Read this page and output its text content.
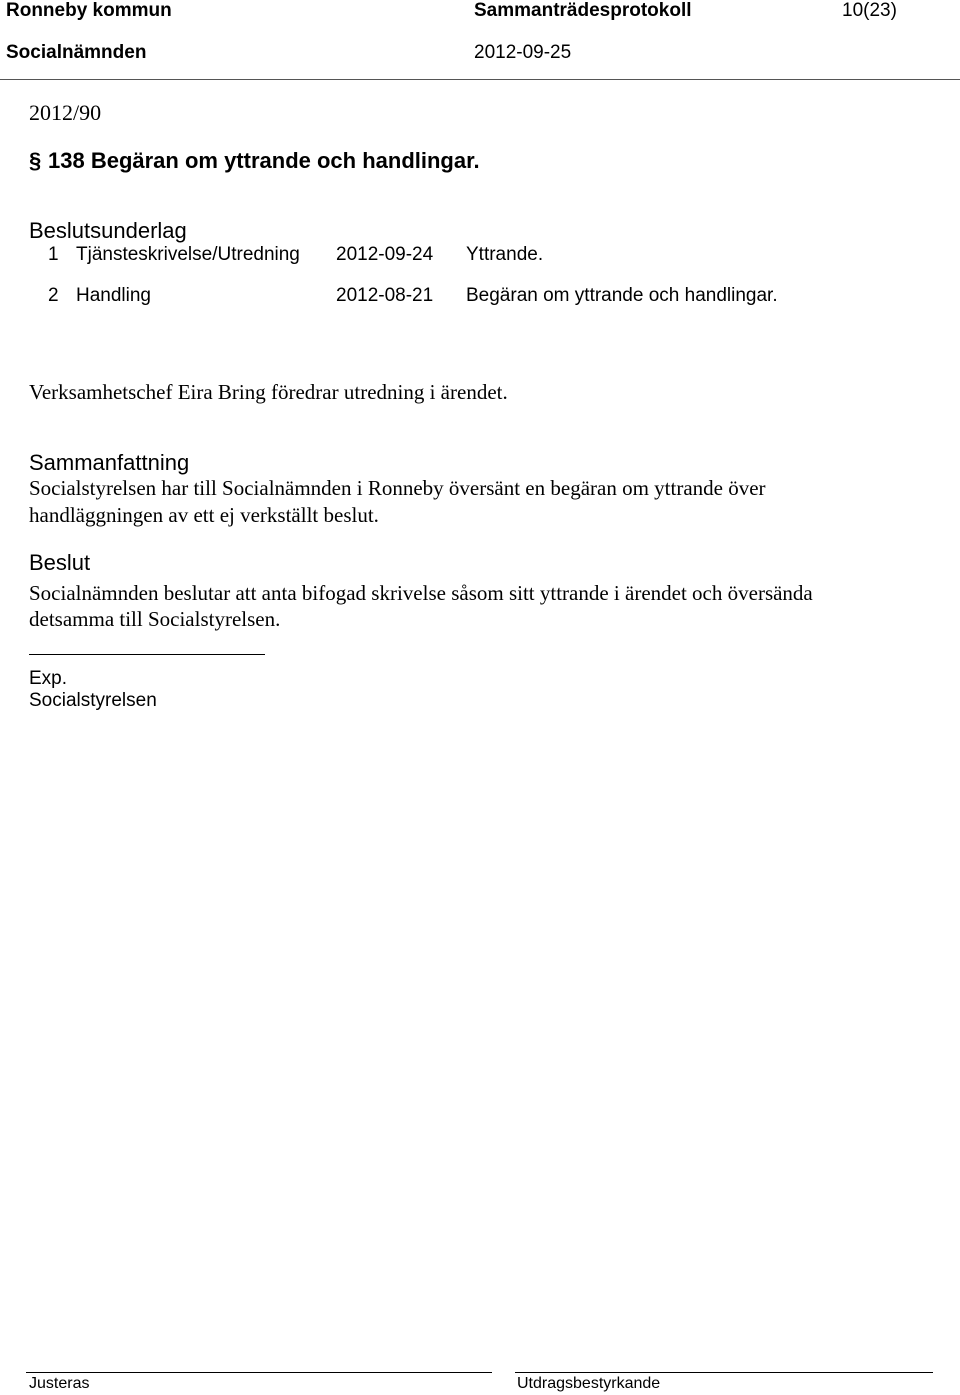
Ronneby kommun	Sammanträdesprotokoll	10(23)
Socialnämnden	2012-09-25
2012/90
§ 138 Begäran om yttrande och handlingar.
Beslutsunderlag
1 Tjänsteskrivelse/Utredning 2012-09-24 Yttrande.
2 Handling	2012-08-21 Begäran om yttrande och handlingar.
Verksamhetschef Eira Bring föredrar utredning i ärendet.
Sammanfattning
Socialstyrelsen har till Socialnämnden i Ronneby översänt en begäran om yttrande över
handläggningen av ett ej verkställt beslut.
Beslut
Socialnämnden beslutar att anta bifogad skrivelse såsom sitt yttrande i ärendet och översända
detsamma till Socialstyrelsen.
Exp.
Socialstyrelsen
Justeras	Utdragsbestyrkande
